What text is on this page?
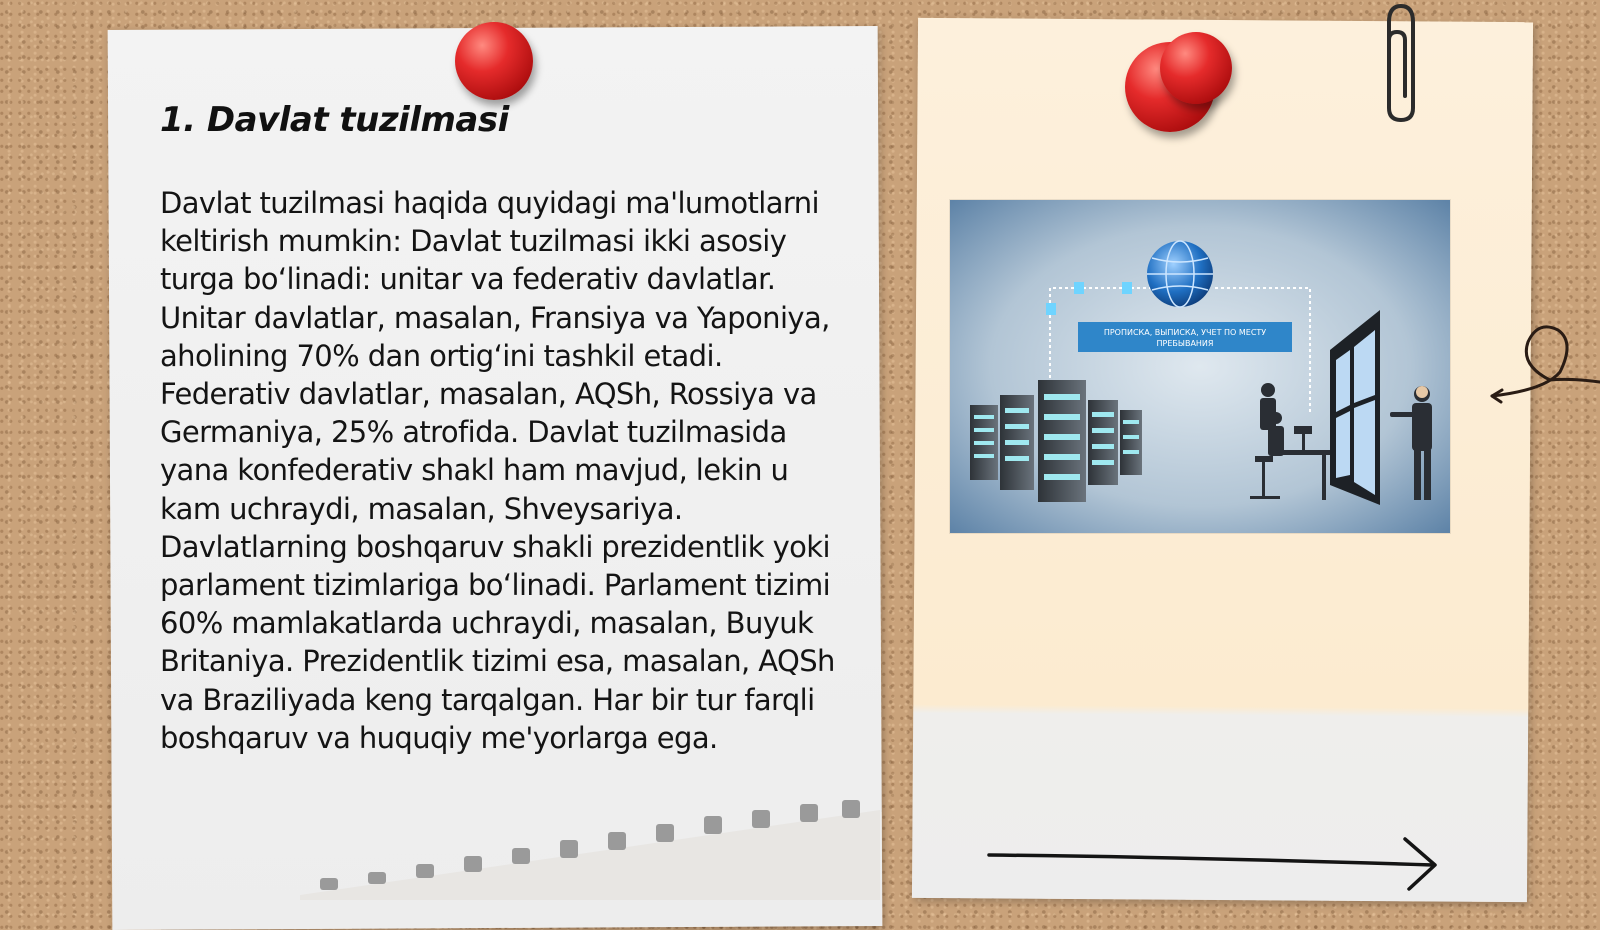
1. Davlat tuzilmasi

Davlat tuzilmasi haqida quyidagi ma'lumotlarni keltirish mumkin: Davlat tuzilmasi ikki asosiy turga bo‘linadi: unitar va federativ davlatlar. Unitar davlatlar, masalan, Fransiya va Yaponiya, aholining 70% dan ortig‘ini tashkil etadi. Federativ davlatlar, masalan, AQSh, Rossiya va Germaniya, 25% atrofida. Davlat tuzilmasida yana konfederativ shakl ham mavjud, lekin u kam uchraydi, masalan, Shveysariya. Davlatlarning boshqaruv shakli prezidentlik yoki parlament tizimlariga bo‘linadi. Parlament tizimi 60% mamlakatlarda uchraydi, masalan, Buyuk Britaniya. Prezidentlik tizimi esa, masalan, AQSh va Braziliyada keng tarqalgan. Har bir tur farqli boshqaruv va huquqiy me'yorlarga ega.

ПРОПИСКА, ВЫПИСКА, УЧЕТ ПО МЕСТУ
ПРЕБЫВАНИЯ
